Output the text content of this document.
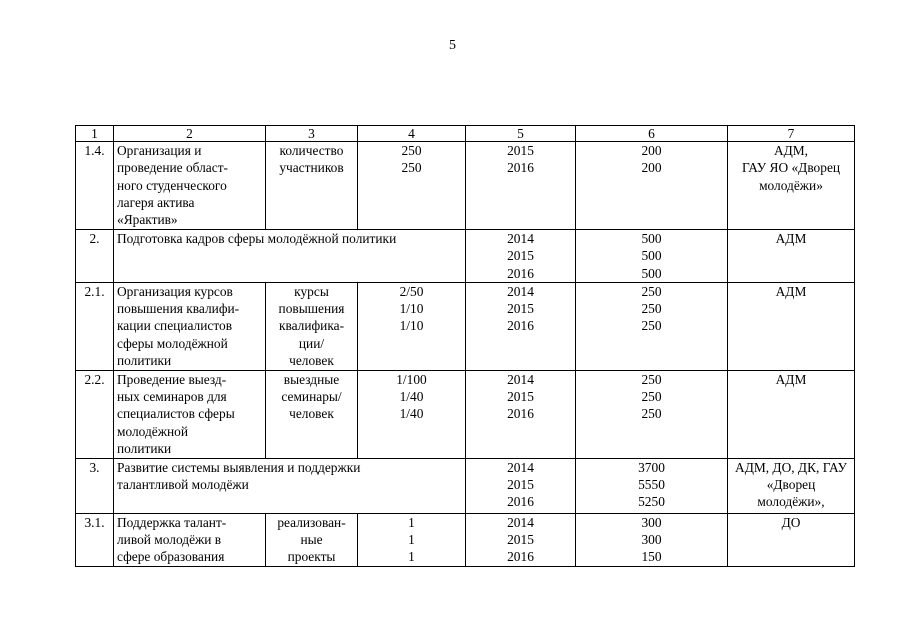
5
1	2	3	4	5	6	7

1.4.	Организация и
проведение област-
ного студенческого
лагеря актива
«Ярактив»	количество
участников	250
250	2015
2016	200
200	АДМ,
ГАУ ЯО «Дворец
молодёжи»

2.	Подготовка кадров сферы молодёжной политики			2014
2015
2016	500
500
500	АДМ

2.1.	Организация курсов
повышения квалифи-
кации специалистов
сферы молодёжной
политики	курсы
повышения
квалифика-
ции/
человек	2/50
1/10
1/10	2014
2015
2016	250
250
250	АДМ

2.2.	Проведение выезд-
ных семинаров для
специалистов сферы
молодёжной
политики	выездные
семинары/
человек	1/100
1/40
1/40	2014
2015
2016	250
250
250	АДМ

3.	Развитие системы выявления и поддержки
талантливой молодёжи			2014
2015
2016	3700
5550
5250	АДМ, ДО, ДК, ГАУ
«Дворец
молодёжи»,

3.1.	Поддержка талант-
ливой молодёжи в
сфере образования	реализован-
ные
проекты	1
1
1	2014
2015
2016	300
300
150	ДО
